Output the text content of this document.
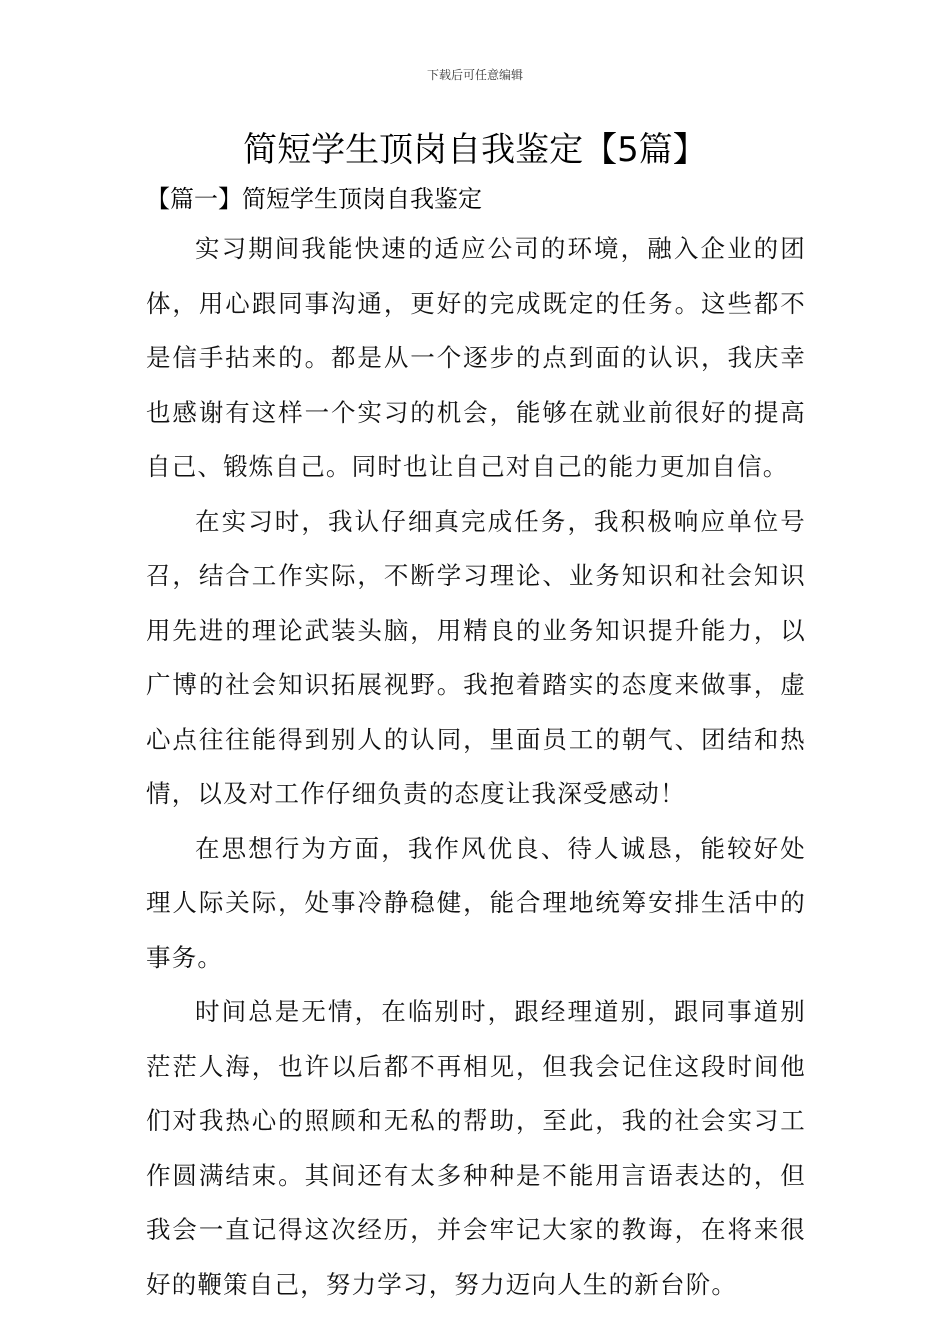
下载后可任意编辑
简短学生顶岗自我鉴定【5篇】
【篇一】简短学生顶岗自我鉴定

实习期间我能快速的适应公司的环境，融入企业的团体，用心跟同事沟通，更好的完成既定的任务。这些都不是信手拈来的。都是从一个逐步的点到面的认识，我庆幸也感谢有这样一个实习的机会，能够在就业前很好的提高自己、锻炼自己。同时也让自己对自己的能力更加自信。

在实习时，我认仔细真完成任务，我积极响应单位号召，结合工作实际，不断学习理论、业务知识和社会知识用先进的理论武装头脑，用精良的业务知识提升能力，以广博的社会知识拓展视野。我抱着踏实的态度来做事，虚心点往往能得到别人的认同，里面员工的朝气、团结和热情，以及对工作仔细负责的态度让我深受感动！

在思想行为方面，我作风优良、待人诚恳，能较好处理人际关际，处事冷静稳健，能合理地统筹安排生活中的事务。

时间总是无情，在临别时，跟经理道别，跟同事道别茫茫人海，也许以后都不再相见，但我会记住这段时间他们对我热心的照顾和无私的帮助，至此，我的社会实习工作圆满结束。其间还有太多种种是不能用言语表达的，但我会一直记得这次经历，并会牢记大家的教诲，在将来很好的鞭策自己，努力学习，努力迈向人生的新台阶。
